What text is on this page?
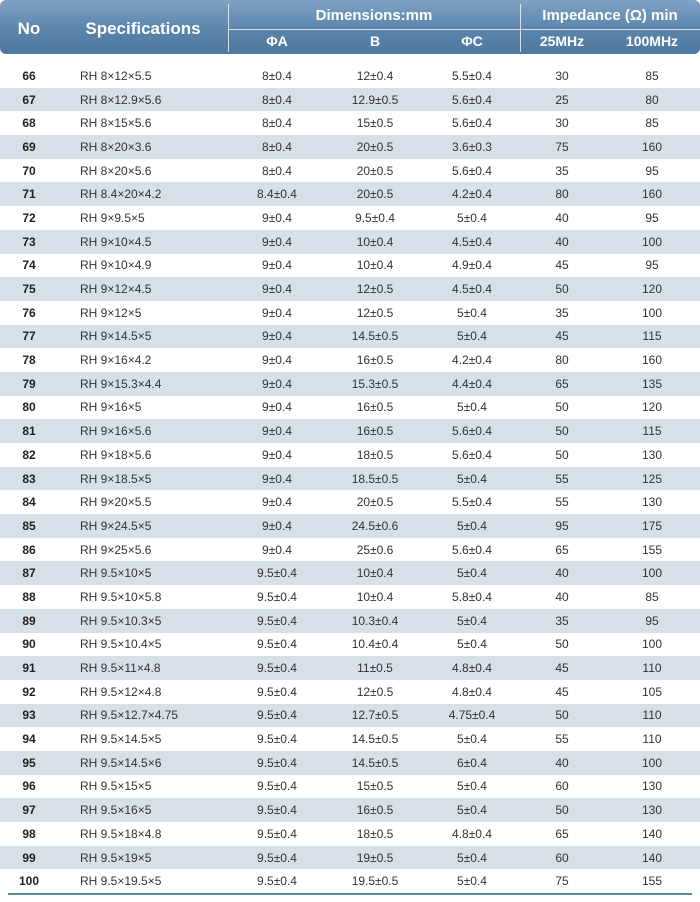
No	Specifications
Dimensions:mm	Impedance (Ω) min
ΦA	B	ΦC	25MHz	100MHz
66	RH 8×12×5.5	8±0.4	12±0.4	5.5±0.4	30	85
67	RH 8×12.9×5.6	8±0.4	12.9±0.5	5.6±0.4	25	80
68	RH 8×15×5.6	8±0.4	15±0.5	5.6±0.4	30	85
69	RH 8×20×3.6	8±0.4	20±0.5	3.6±0.3	75	160
70	RH 8×20×5.6	8±0.4	20±0.5	5.6±0.4	35	95
71	RH 8.4×20×4.2	8.4±0.4	20±0.5	4.2±0.4	80	160
72	RH 9×9.5×5	9±0.4	9.5±0.4	5±0.4	40	95
73	RH 9×10×4.5	9±0.4	10±0.4	4.5±0.4	40	100
74	RH 9×10×4.9	9±0.4	10±0.4	4.9±0.4	45	95
75	RH 9×12×4.5	9±0.4	12±0.5	4.5±0.4	50	120
76	RH 9×12×5	9±0.4	12±0.5	5±0.4	35	100
77	RH 9×14.5×5	9±0.4	14.5±0.5	5±0.4	45	115
78	RH 9×16×4.2	9±0.4	16±0.5	4.2±0.4	80	160
79	RH 9×15.3×4.4	9±0.4	15.3±0.5	4.4±0.4	65	135
80	RH 9×16×5	9±0.4	16±0.5	5±0.4	50	120
81	RH 9×16×5.6	9±0.4	16±0.5	5.6±0.4	50	115
82	RH 9×18×5.6	9±0.4	18±0.5	5.6±0.4	50	130
83	RH 9×18.5×5	9±0.4	18.5±0.5	5±0.4	55	125
84	RH 9×20×5.5	9±0.4	20±0.5	5.5±0.4	55	130
85	RH 9×24.5×5	9±0.4	24.5±0.6	5±0.4	95	175
86	RH 9×25×5.6	9±0.4	25±0.6	5.6±0.4	65	155
87	RH 9.5×10×5	9.5±0.4	10±0.4	5±0.4	40	100
88	RH 9.5×10×5.8	9.5±0.4	10±0.4	5.8±0.4	40	85
89	RH 9.5×10.3×5	9.5±0.4	10.3±0.4	5±0.4	35	95
90	RH 9.5×10.4×5	9.5±0.4	10.4±0.4	5±0.4	50	100
91	RH 9.5×11×4.8	9.5±0.4	11±0.5	4.8±0.4	45	110
92	RH 9.5×12×4.8	9.5±0.4	12±0.5	4.8±0.4	45	105
93	RH 9.5×12.7×4.75	9.5±0.4	12.7±0.5	4.75±0.4	50	110
94	RH 9.5×14.5×5	9.5±0.4	14.5±0.5	5±0.4	55	110
95	RH 9.5×14.5×6	9.5±0.4	14.5±0.5	6±0.4	40	100
96	RH 9.5×15×5	9.5±0.4	15±0.5	5±0.4	60	130
97	RH 9.5×16×5	9.5±0.4	16±0.5	5±0.4	50	130
98	RH 9.5×18×4.8	9.5±0.4	18±0.5	4.8±0.4	65	140
99	RH 9.5×19×5	9.5±0.4	19±0.5	5±0.4	60	140
100	RH 9.5×19.5×5	9.5±0.4	19.5±0.5	5±0.4	75	155
